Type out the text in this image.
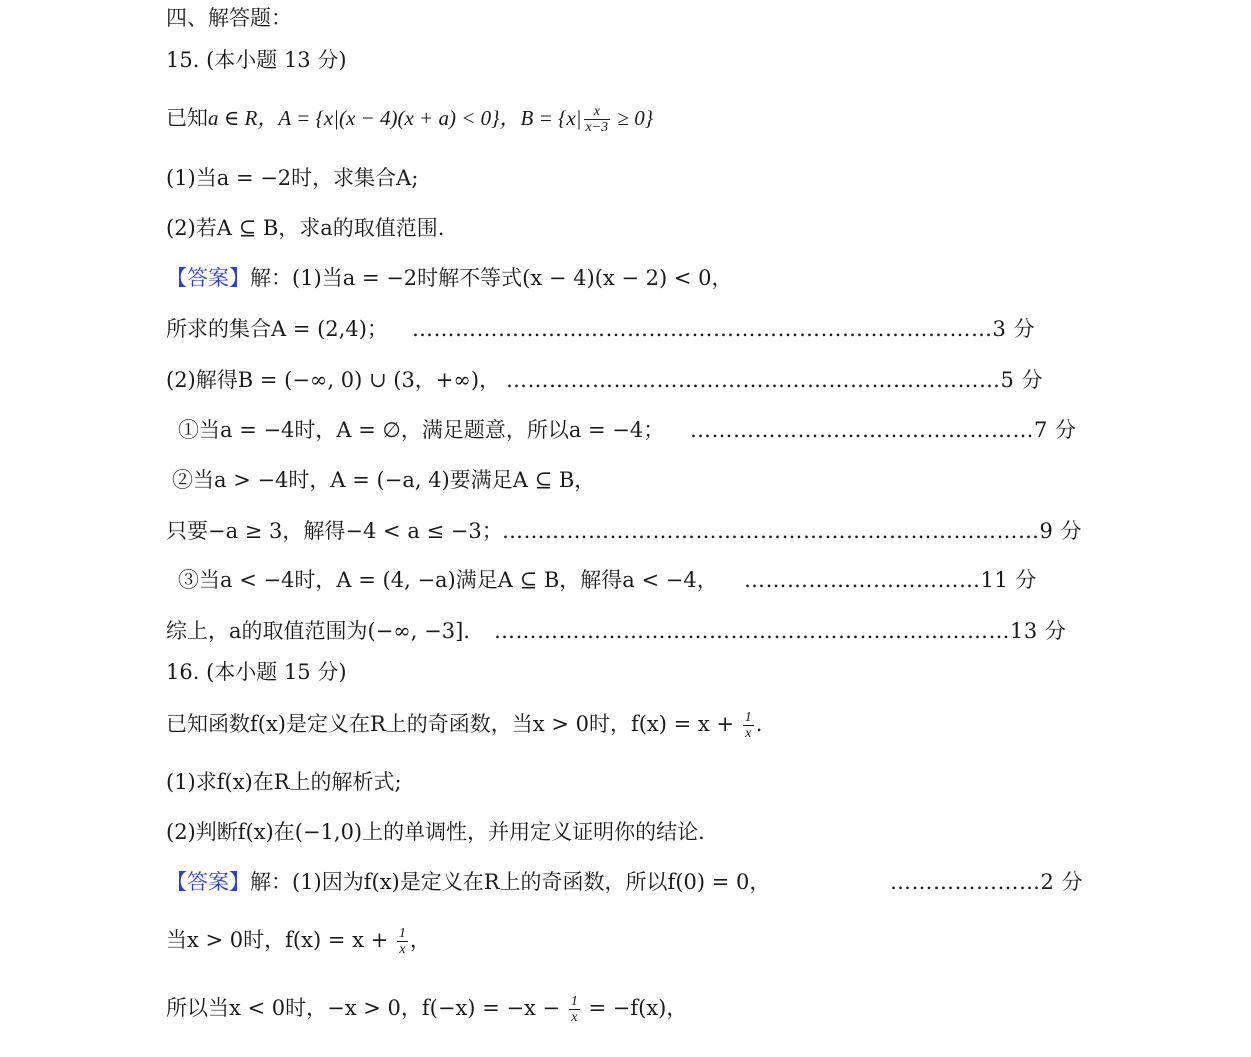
四、解答题：
15. (本小题 13 分)
已知a ∈ R，A = {x|(x − 4)(x + a) < 0}，$B = \{x| \frac{x}{x-3} \ge 0\}$
(1)当a = −2时，求集合A;
(2)若A ⊆ B，求a的取值范围.
【答案】解：(1)当a = −2时解不等式(x − 4)(x − 2) < 0，
所求的集合A = (2,4)； ………………………………………………………………………3 分
(2)解得B = (−∞, 0) ∪ (3，+∞)， ……………………………………………………………5 分
①当a = −4时，A = ∅，满足题意，所以a = −4； …………………………………………7 分
②当a > −4时，A = (−a, 4)要满足A ⊆ B，
只要−a ≥ 3，解得−4 < a ≤ −3； …………………………………………………………………9 分
③当a < −4时，A = (4, −a)满足A ⊆ B，解得a < −4， ……………………………11 分
综上，a的取值范围为(−∞, −3]. ………………………………………………………………13 分
16. (本小题 15 分)
已知函数f(x)是定义在R上的奇函数，当x > 0时，$f(x) = x + \frac{1}{x}$ .
(1)求f(x)在R上的解析式;
(2)判断f(x)在(−1,0)上的单调性，并用定义证明你的结论.
【答案】解：(1)因为f(x)是定义在R上的奇函数，所以f(0) = 0，	…………………2 分
当x > 0时，$f(x) = x + \frac{1}{x}$ ，
所以当x < 0时，−x > 0，$f(-x) = -x - \frac{1}{x} = -f(x)$，
